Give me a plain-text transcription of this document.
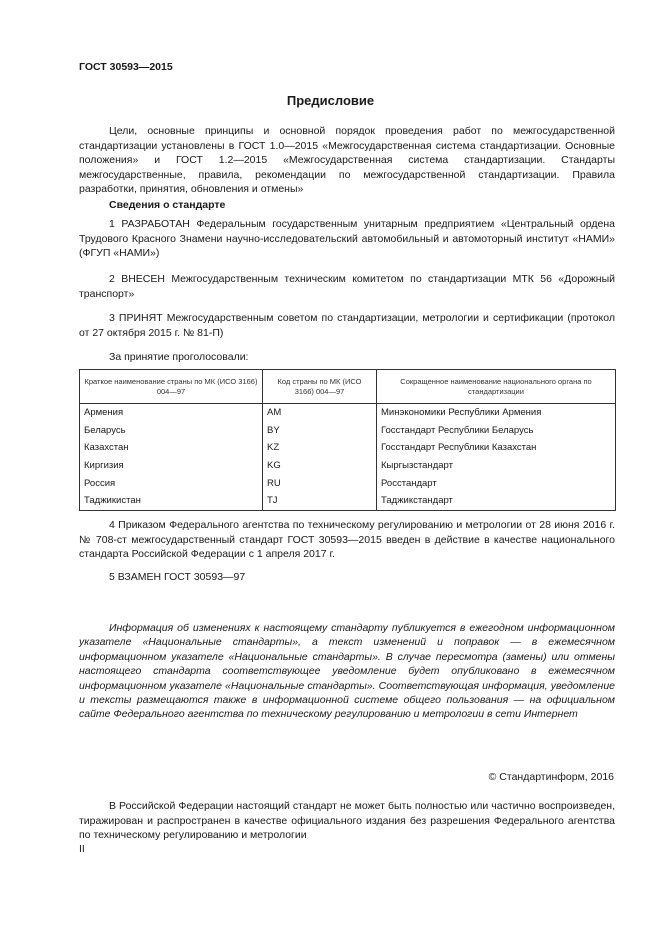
ГОСТ 30593—2015
Предисловие

Цели, основные принципы и основной порядок проведения работ по межгосударственной стандартизации установлены в ГОСТ 1.0—2015 «Межгосударственная система стандартизации. Основные положения» и ГОСТ 1.2—2015 «Межгосударственная система стандартизации. Стандарты межгосударственные, правила, рекомендации по межгосударственной стандартизации. Правила разработки, принятия, обновления и отмены»

Сведения о стандарте

1 РАЗРАБОТАН Федеральным государственным унитарным предприятием «Центральный ордена Трудового Красного Знамени научно-исследовательский автомобильный и автомоторный институт «НАМИ» (ФГУП «НАМИ»)

2 ВНЕСЕН Межгосударственным техническим комитетом по стандартизации МТК 56 «Дорожный транспорт»

3 ПРИНЯТ Межгосударственным советом по стандартизации, метрологии и сертификации (протокол от 27 октября 2015 г. № 81-П)

За принятие проголосовали:
Краткое наименование страны по МК (ИСО 3166) 004—97	Код страны по МК (ИСО 3166) 004—97	Сокращенное наименование национального органа по стандартизации
Армения	AM	Минэкономики Республики Армения
Беларусь	BY	Госстандарт Республики Беларусь
Казахстан	KZ	Госстандарт Республики Казахстан
Киргизия	KG	Кыргызстандарт
Россия	RU	Росстандарт
Таджикистан	TJ	Таджикстандарт

4 Приказом Федерального агентства по техническому регулированию и метрологии от 28 июня 2016 г. № 708-ст межгосударственный стандарт ГОСТ 30593—2015 введен в действие в качестве национального стандарта Российской Федерации с 1 апреля 2017 г.

5 ВЗАМЕН ГОСТ 30593—97

Информация об изменениях к настоящему стандарту публикуется в ежегодном информационном указателе «Национальные стандарты», а текст изменений и поправок — в ежемесячном информационном указателе «Национальные стандарты». В случае пересмотра (замены) или отмены настоящего стандарта соответствующее уведомление будет опубликовано в ежемесячном информационном указателе «Национальные стандарты». Соответствующая информация, уведомление и тексты размещаются также в информационной системе общего пользования — на официальном сайте Федерального агентства по техническому регулированию и метрологии в сети Интернет

© Стандартинформ, 2016

В Российской Федерации настоящий стандарт не может быть полностью или частично воспроизведен, тиражирован и распространен в качестве официального издания без разрешения Федерального агентства по техническому регулированию и метрологии

II
